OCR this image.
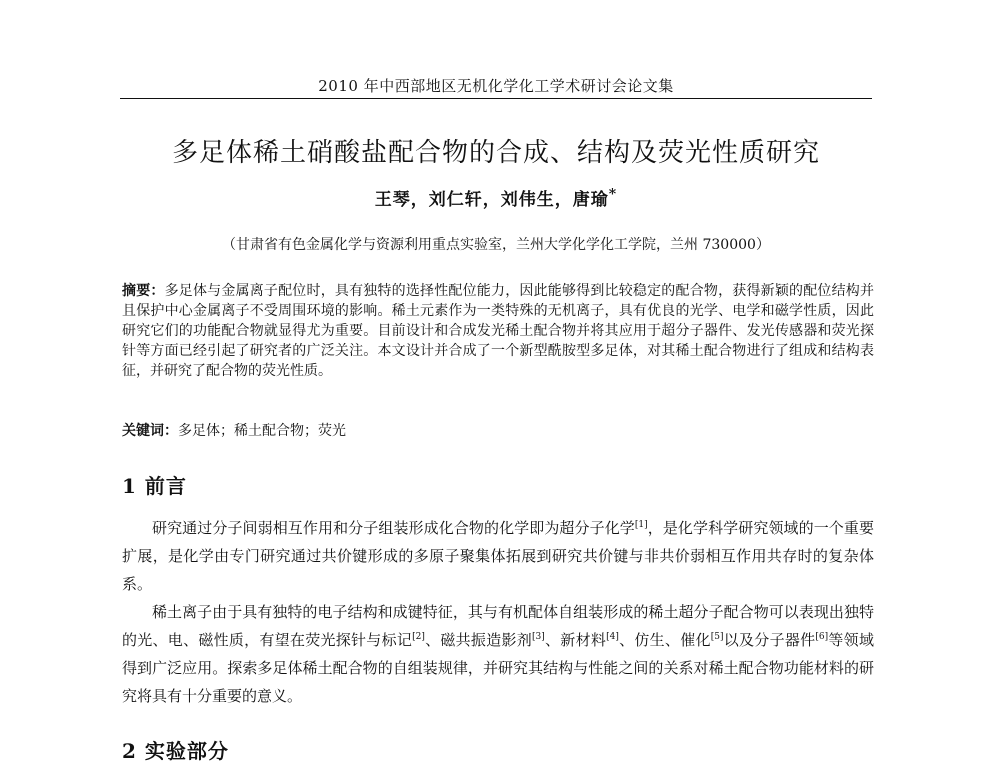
2010 年中西部地区无机化学化工学术研讨会论文集
多足体稀土硝酸盐配合物的合成、结构及荧光性质研究
王琴，刘仁轩，刘伟生，唐瑜*
（甘肃省有色金属化学与资源利用重点实验室，兰州大学化学化工学院，兰州 730000）
摘要：多足体与金属离子配位时，具有独特的选择性配位能力，因此能够得到比较稳定的配合物，获得新颖的配位结构并且保护中心金属离子不受周围环境的影响。稀土元素作为一类特殊的无机离子，具有优良的光学、电学和磁学性质，因此研究它们的功能配合物就显得尤为重要。目前设计和合成发光稀土配合物并将其应用于超分子器件、发光传感器和荧光探针等方面已经引起了研究者的广泛关注。本文设计并合成了一个新型酰胺型多足体，对其稀土配合物进行了组成和结构表征，并研究了配合物的荧光性质。
关键词：多足体；稀土配合物；荧光
1 前言
研究通过分子间弱相互作用和分子组装形成化合物的化学即为超分子化学[1]，是化学科学研究领域的一个重要扩展，是化学由专门研究通过共价键形成的多原子聚集体拓展到研究共价键与非共价弱相互作用共存时的复杂体系。
稀土离子由于具有独特的电子结构和成键特征，其与有机配体自组装形成的稀土超分子配合物可以表现出独特的光、电、磁性质，有望在荧光探针与标记[2]、磁共振造影剂[3]、新材料[4]、仿生、催化[5]以及分子器件[6]等领域得到广泛应用。探索多足体稀土配合物的自组装规律，并研究其结构与性能之间的关系对稀土配合物功能材料的研究将具有十分重要的意义。
2 实验部分
